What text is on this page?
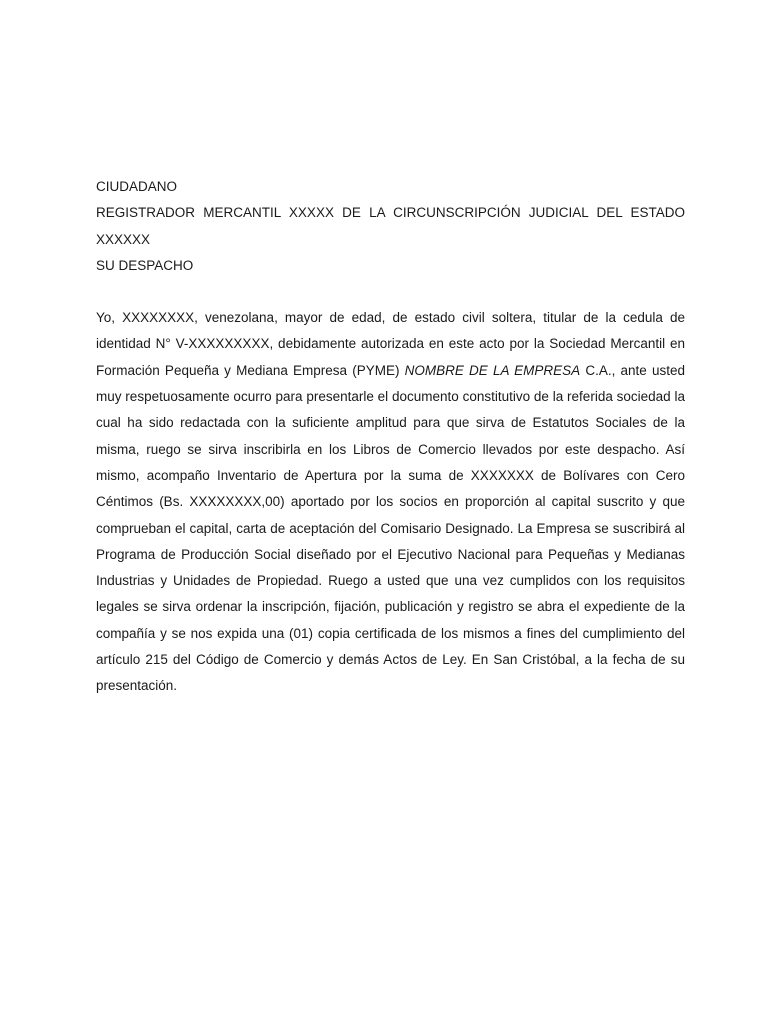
CIUDADANO

REGISTRADOR MERCANTIL XXXXX DE LA CIRCUNSCRIPCIÓN JUDICIAL DEL ESTADO XXXXXX

SU DESPACHO

Yo, XXXXXXXX, venezolana, mayor de edad, de estado civil soltera, titular de la cedula de identidad N° V-XXXXXXXXX, debidamente autorizada en este acto por la Sociedad Mercantil en Formación Pequeña y Mediana Empresa (PYME) NOMBRE DE LA EMPRESA C.A., ante usted muy respetuosamente ocurro para presentarle el documento constitutivo de la referida sociedad la cual ha sido redactada con la suficiente amplitud para que sirva de Estatutos Sociales de la misma, ruego se sirva inscribirla en los Libros de Comercio llevados por este despacho. Así mismo, acompaño Inventario de Apertura por la suma de XXXXXXX de Bolívares con Cero Céntimos (Bs. XXXXXXXX,00) aportado por los socios en proporción al capital suscrito y que comprueban el capital, carta de aceptación del Comisario Designado. La Empresa se suscribirá al Programa de Producción Social diseñado por el Ejecutivo Nacional para Pequeñas y Medianas Industrias y Unidades de Propiedad. Ruego a usted que una vez cumplidos con los requisitos legales se sirva ordenar la inscripción, fijación, publicación y registro se abra el expediente de la compañía y se nos expida una (01) copia certificada de los mismos a fines del cumplimiento del artículo 215 del Código de Comercio y demás Actos de Ley. En San Cristóbal, a la fecha de su presentación.
